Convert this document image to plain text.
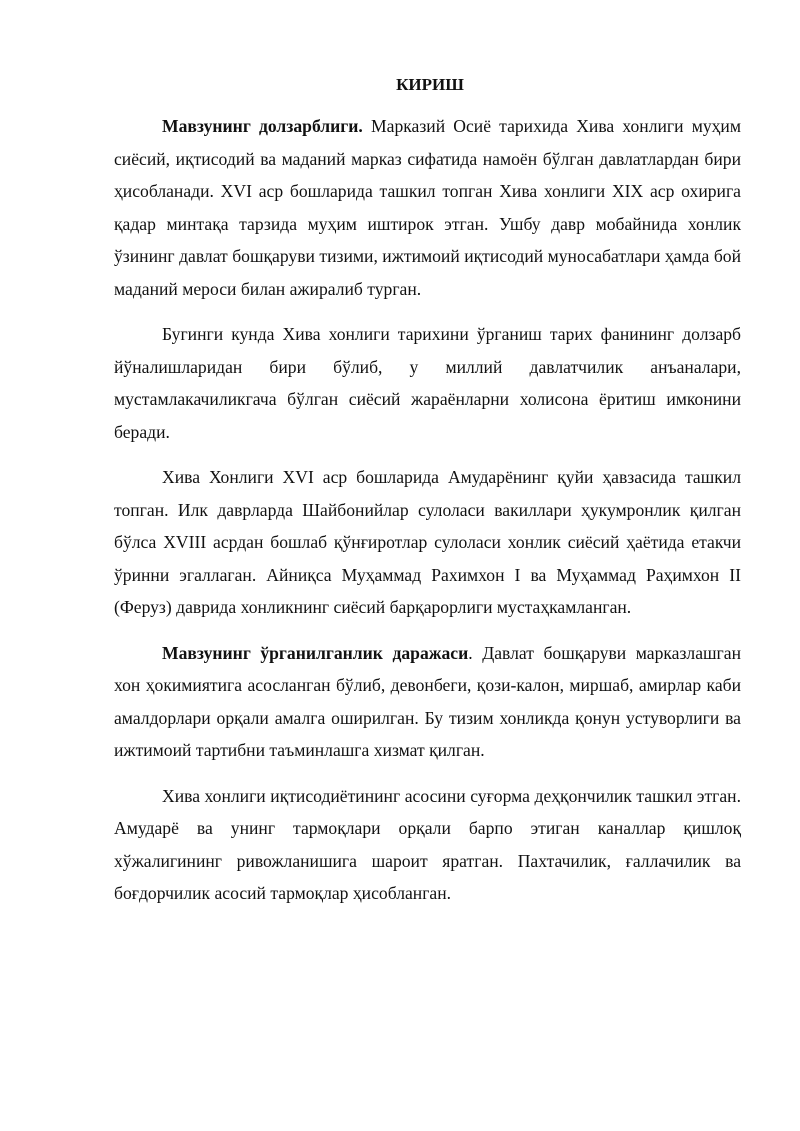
КИРИШ

Мавзунинг долзарблиги. Марказий Осиё тарихида Хива хонлиги муҳим сиёсий, иқтисодий ва маданий марказ сифатида намоён бўлган давлатлардан бири ҳисобланади. XVI аср бошларида ташкил топган Хива хонлиги XIX аср охирига қадар минтақа тарзида муҳим иштирок этган. Ушбу давр мобайнида хонлик ўзининг давлат бошқаруви тизими, ижтимоий иқтисодий муносабатлари ҳамда бой маданий мероси билан ажиралиб турган.

Бугинги кунда Хива хонлиги тарихини ўрганиш тарих фанининг долзарб йўналишларидан бири бўлиб, у миллий давлатчилик анъаналари, мустамлакачиликгача бўлган сиёсий жараёнларни холисона ёритиш имконини беради.

Хива Хонлиги XVI аср бошларида Амударёнинг қуйи ҳавзасида ташкил топган. Илк даврларда Шайбонийлар сулоласи вакиллари ҳукумронлик қилган бўлса XVIII асрдан бошлаб қўнғиротлар сулоласи хонлик сиёсий ҳаётида етакчи ўринни эгаллаган. Айниқса Муҳаммад Рахимхон I ва Муҳаммад Раҳимхон II (Феруз) даврида хонликнинг сиёсий барқарорлиги мустаҳкамланган.

Мавзунинг ўрганилганлик даражаси. Давлат бошқаруви марказлашган хон ҳокимиятига асосланган бўлиб, девонбеги, қози-калон, миршаб, амирлар каби амалдорлари орқали амалга оширилган. Бу тизим хонликда қонун устуворлиги ва ижтимоий тартибни таъминлашга хизмат қилган.

Хива хонлиги иқтисодиётининг асосини суғорма деҳқончилик ташкил этган. Амударё ва унинг тармоқлари орқали барпо этиган каналлар қишлоқ хўжалигининг ривожланишига шароит яратган. Пахтачилик, ғаллачилик ва боғдорчилик асосий тармоқлар ҳисобланган.
